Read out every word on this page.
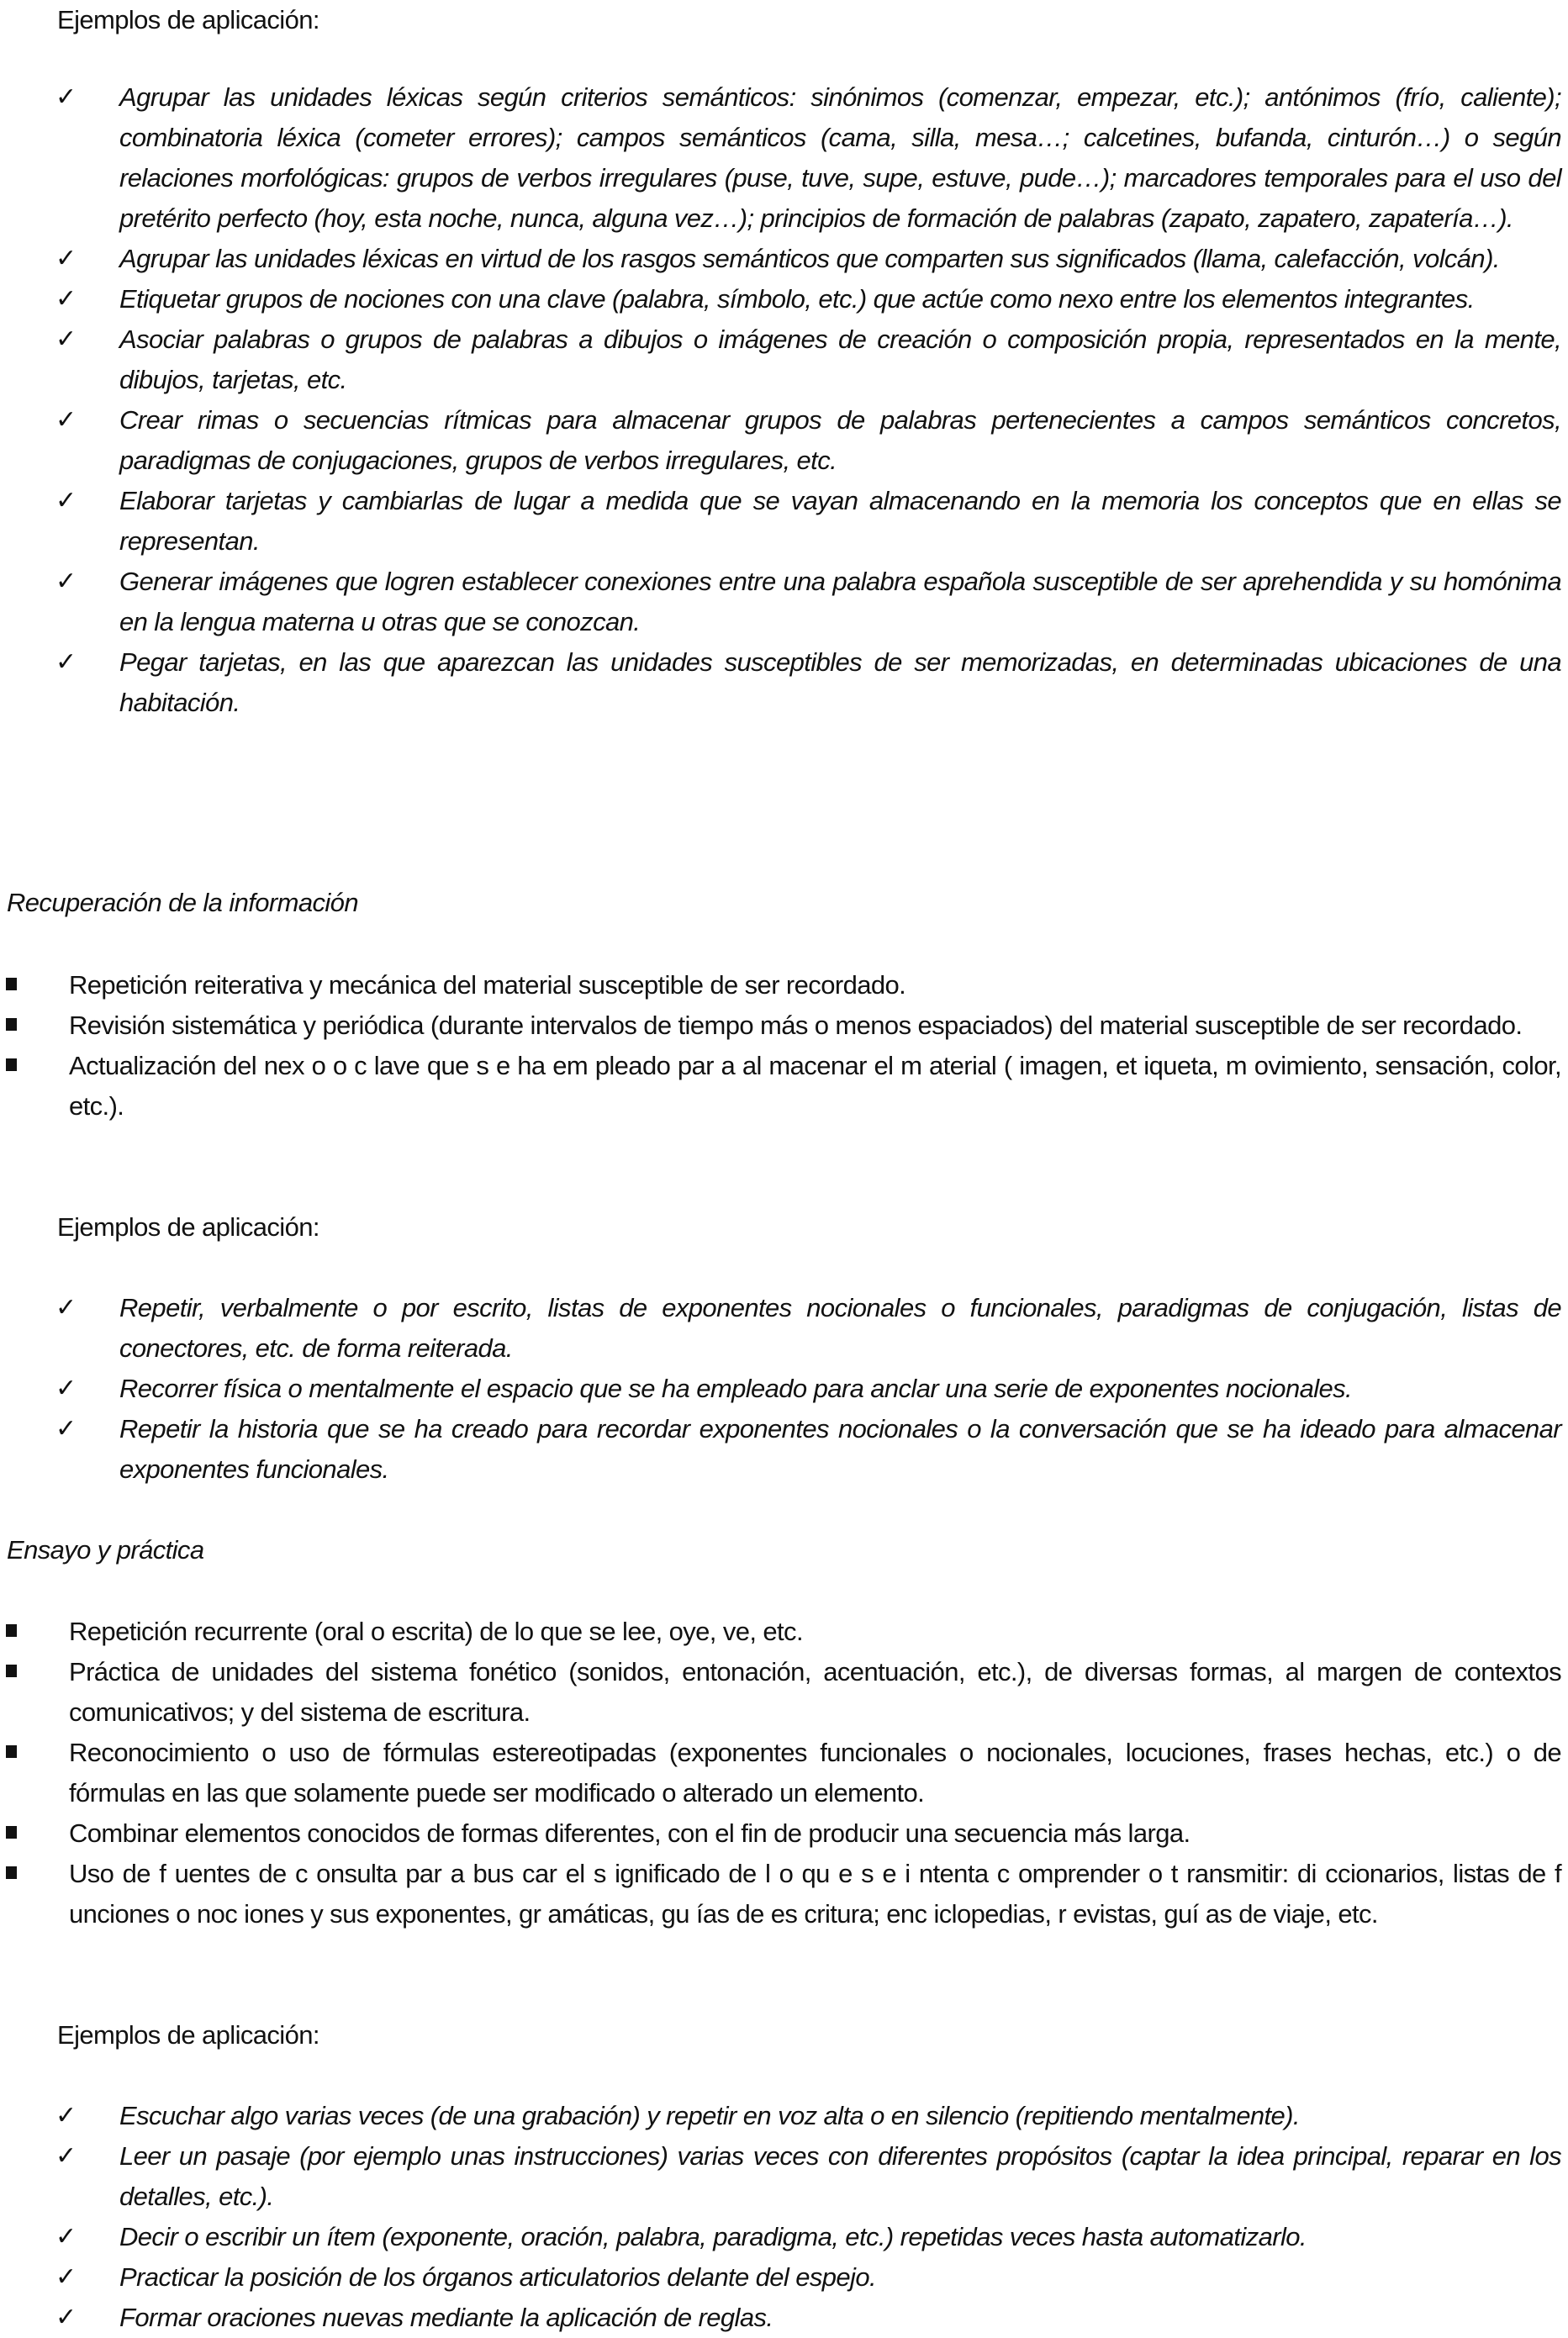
Ejemplos de aplicación:

✓ Agrupar las unidades léxicas según criterios semánticos: sinónimos (comenzar, empezar, etc.); antónimos (frío, caliente); combinatoria léxica (cometer errores); campos semánticos (cama, silla, mesa…; calcetines, bufanda, cinturón…) o según relaciones morfológicas: grupos de verbos irregulares (puse, tuve, supe, estuve, pude…); marcadores temporales para el uso del pretérito perfecto (hoy, esta noche, nunca, alguna vez…); principios de formación de palabras (zapato, zapatero, zapatería…).
✓ Agrupar las unidades léxicas en virtud de los rasgos semánticos que comparten sus significados (llama, calefacción, volcán).
✓ Etiquetar grupos de nociones con una clave (palabra, símbolo, etc.) que actúe como nexo entre los elementos integrantes.
✓ Asociar palabras o grupos de palabras a dibujos o imágenes de creación o composición propia, representados en la mente, dibujos, tarjetas, etc.
✓ Crear rimas o secuencias rítmicas para almacenar grupos de palabras pertenecientes a campos semánticos concretos, paradigmas de conjugaciones, grupos de verbos irregulares, etc.
✓ Elaborar tarjetas y cambiarlas de lugar a medida que se vayan almacenando en la memoria los conceptos que en ellas se representan.
✓ Generar imágenes que logren establecer conexiones entre una palabra española susceptible de ser aprehendida y su homónima en la lengua materna u otras que se conozcan.
✓ Pegar tarjetas, en las que aparezcan las unidades susceptibles de ser memorizadas, en determinadas ubicaciones de una habitación.

Recuperación de la información

Repetición reiterativa y mecánica del material susceptible de ser recordado.
Revisión sistemática y periódica (durante intervalos de tiempo más o menos espaciados) del material susceptible de ser recordado.
Actualización del nex o o c lave que s e ha em pleado par a al macenar el m aterial ( imagen, et iqueta, m ovimiento, sensación, color, etc.).

Ejemplos de aplicación:

✓ Repetir, verbalmente o por escrito, listas de exponentes nocionales o funcionales, paradigmas de conjugación, listas de conectores, etc. de forma reiterada.
✓ Recorrer física o mentalmente el espacio que se ha empleado para anclar una serie de exponentes nocionales.
✓ Repetir la historia que se ha creado para recordar exponentes nocionales o la conversación que se ha ideado para almacenar exponentes funcionales.

Ensayo y práctica

Repetición recurrente (oral o escrita) de lo que se lee, oye, ve, etc.
Práctica de unidades del sistema fonético (sonidos, entonación, acentuación, etc.), de diversas formas, al margen de contextos comunicativos; y del sistema de escritura.
Reconocimiento o uso de fórmulas estereotipadas (exponentes funcionales o nocionales, locuciones, frases hechas, etc.) o de fórmulas en las que solamente puede ser modificado o alterado un elemento.
Combinar elementos conocidos de formas diferentes, con el fin de producir una secuencia más larga.
Uso de f uentes de c onsulta par a bus car el s ignificado de l o qu e s e i ntenta c omprender o t ransmitir: di ccionarios, listas de f unciones o noc iones y sus exponentes, gr amáticas, gu ías de es critura; enc iclopedias, r evistas, guí as de viaje, etc.

Ejemplos de aplicación:

✓ Escuchar algo varias veces (de una grabación) y repetir en voz alta o en silencio (repitiendo mentalmente).
✓ Leer un pasaje (por ejemplo unas instrucciones) varias veces con diferentes propósitos (captar la idea principal, reparar en los detalles, etc.).
✓ Decir o escribir un ítem (exponente, oración, palabra, paradigma, etc.) repetidas veces hasta automatizarlo.
✓ Practicar la posición de los órganos articulatorios delante del espejo.
✓ Formar oraciones nuevas mediante la aplicación de reglas.
